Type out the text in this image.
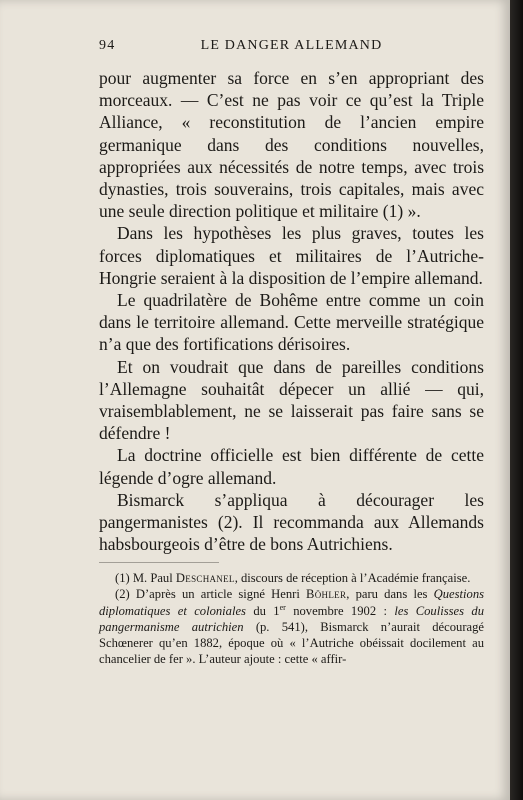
94	LE DANGER ALLEMAND

pour augmenter sa force en s’en appropriant des morceaux. — C’est ne pas voir ce qu’est la Triple Alliance, « reconstitution de l’ancien empire germanique dans des conditions nouvelles, appropriées aux nécessités de notre temps, avec trois dynasties, trois souverains, trois capitales, mais avec une seule direction politique et militaire (1) ».

Dans les hypothèses les plus graves, toutes les forces diplomatiques et militaires de l’Autriche-Hongrie seraient à la disposition de l’empire allemand.

Le quadrilatère de Bohême entre comme un coin dans le territoire allemand. Cette merveille stratégique n’a que des fortifications dérisoires.

Et on voudrait que dans de pareilles conditions l’Allemagne souhaitât dépecer un allié — qui, vraisemblablement, ne se laisserait pas faire sans se défendre !

La doctrine officielle est bien différente de cette légende d’ogre allemand.

Bismarck s’appliqua à décourager les pangermanistes (2). Il recommanda aux Allemands habsbourgeois d’être de bons Autrichiens.

(1) M. Paul Deschanel, discours de réception à l’Académie française.

(2) D’après un article signé Henri Böhler, paru dans les Questions diplomatiques et coloniales du 1er novembre 1902 : les Coulisses du pangermanisme autrichien (p. 541), Bismarck n’aurait découragé Schœnerer qu’en 1882, époque où « l’Autriche obéissait docilement au chancelier de fer ». L’auteur ajoute : cette « affir-
